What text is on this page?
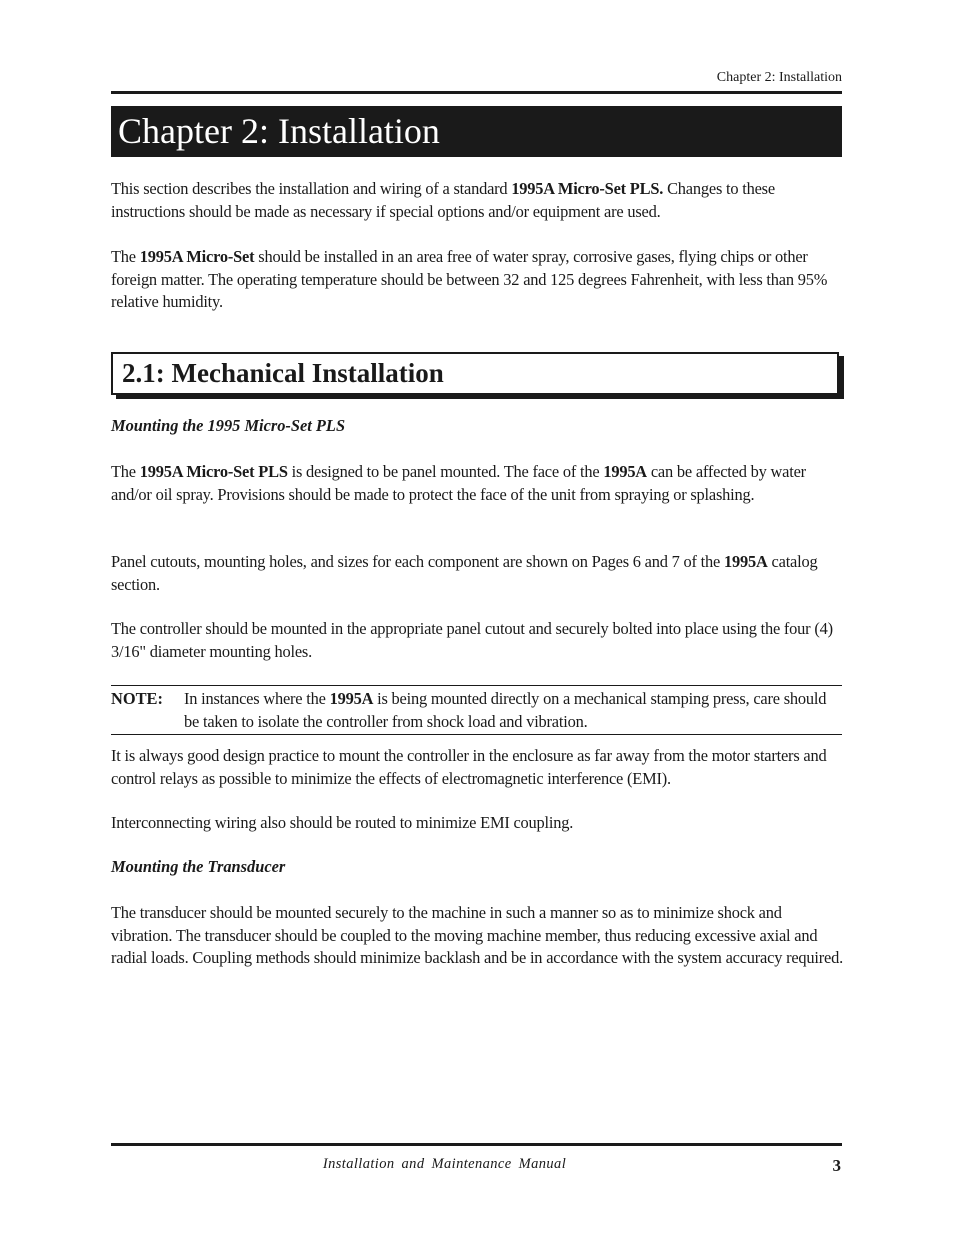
Chapter 2: Installation
Chapter 2: Installation

This section describes the installation and wiring of a standard 1995A Micro-Set PLS. Changes to these instructions should be made as necessary if special options and/or equipment are used.

The 1995A Micro-Set should be installed in an area free of water spray, corrosive gases, flying chips or other foreign matter. The operating temperature should be between 32 and 125 degrees Fahrenheit, with less than 95% relative humidity.

2.1: Mechanical Installation
Mounting the 1995 Micro-Set PLS

The 1995A Micro-Set PLS is designed to be panel mounted. The face of the 1995A can be affected by water and/or oil spray. Provisions should be made to protect the face of the unit from spraying or splashing.

Panel cutouts, mounting holes, and sizes for each component are shown on Pages 6 and 7 of the 1995A catalog section.

The controller should be mounted in the appropriate panel cutout and securely bolted into place using the four (4) 3/16" diameter mounting holes.

NOTE: In instances where the 1995A is being mounted directly on a mechanical stamping press, care should be taken to isolate the controller from shock load and vibration.

It is always good design practice to mount the controller in the enclosure as far away from the motor starters and control relays as possible to minimize the effects of electromagnetic interference (EMI).

Interconnecting wiring also should be routed to minimize EMI coupling.

Mounting the Transducer

The transducer should be mounted securely to the machine in such a manner so as to minimize shock and vibration. The transducer should be coupled to the moving machine member, thus reducing excessive axial and radial loads. Coupling methods should minimize backlash and be in accordance with the system accuracy required.

Installation and Maintenance Manual	3
